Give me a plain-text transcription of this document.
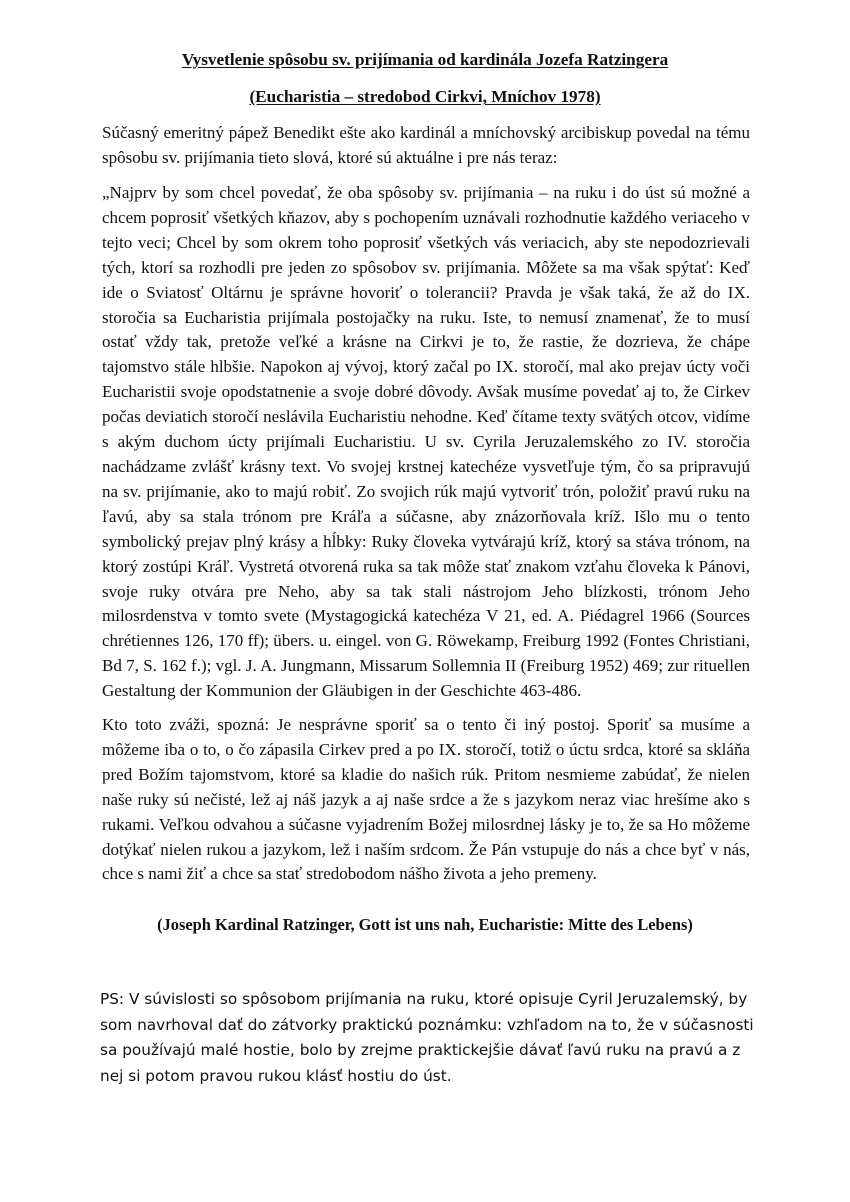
Vysvetlenie spôsobu sv. prijímania od kardinála Jozefa Ratzingera
(Eucharistia – stredobod Cirkvi, Mníchov 1978)

Súčasný emeritný pápež Benedikt ešte ako kardinál a mníchovský arcibiskup povedal na tému spôsobu sv. prijímania tieto slová, ktoré sú aktuálne i pre nás teraz:

„Najprv by som chcel povedať, že oba spôsoby sv. prijímania – na ruku i do úst sú možné a chcem poprosiť všetkých kňazov, aby s pochopením uznávali rozhodnutie každého veriaceho v tejto veci; Chcel by som okrem toho poprosiť všetkých vás veriacich, aby ste nepodozrievali tých, ktorí sa rozhodli pre jeden zo spôsobov sv. prijímania. Môžete sa ma však spýtať: Keď ide o Sviatosť Oltárnu je správne hovoriť o tolerancii? Pravda je však taká, že až do IX. storočia sa Eucharistia prijímala postojačky na ruku. Iste, to nemusí znamenať, že to musí ostať vždy tak, pretože veľké a krásne na Cirkvi je to, že rastie, že dozrieva, že chápe tajomstvo stále hlbšie. Napokon aj vývoj, ktorý začal po IX. storočí, mal ako prejav úcty voči Eucharistii svoje opodstatnenie a svoje dobré dôvody. Avšak musíme povedať aj to, že Cirkev počas deviatich storočí neslávila Eucharistiu nehodne. Keď čítame texty svätých otcov, vidíme s akým duchom úcty prijímali Eucharistiu. U sv. Cyrila Jeruzalemského zo IV. storočia nachádzame zvlášť krásny text. Vo svojej krstnej katechéze vysvetľuje tým, čo sa pripravujú na sv. prijímanie, ako to majú robiť. Zo svojich rúk majú vytvoriť trón, položiť pravú ruku na ľavú, aby sa stala trónom pre Kráľa a súčasne, aby znázorňovala kríž. Išlo mu o tento symbolický prejav plný krásy a hĺbky: Ruky človeka vytvárajú kríž, ktorý sa stáva trónom, na ktorý zostúpi Kráľ. Vystretá otvorená ruka sa tak môže stať znakom vzťahu človeka k Pánovi, svoje ruky otvára pre Neho, aby sa tak stali nástrojom Jeho blízkosti, trónom Jeho milosrdenstva v tomto svete (Mystagogická katechéza V 21, ed. A. Piédagrel 1966 (Sources chrétiennes 126, 170 ff); übers. u. eingel. von G. Röwekamp, Freiburg 1992 (Fontes Christiani, Bd 7, S. 162 f.); vgl. J. A. Jungmann, Missarum Sollemnia II (Freiburg 1952) 469; zur rituellen Gestaltung der Kommunion der Gläubigen in der Geschichte 463-486.

Kto toto zváži, spozná: Je nesprávne sporiť sa o tento či iný postoj. Sporiť sa musíme a môžeme iba o to, o čo zápasila Cirkev pred a po IX. storočí, totiž o úctu srdca, ktoré sa skláňa pred Božím tajomstvom, ktoré sa kladie do našich rúk. Pritom nesmieme zabúdať, že nielen naše ruky sú nečisté, lež aj náš jazyk a aj naše srdce a že s jazykom neraz viac hrešíme ako s rukami. Veľkou odvahou a súčasne vyjadrením Božej milosrdnej lásky je to, že sa Ho môžeme dotýkať nielen rukou a jazykom, lež i naším srdcom. Že Pán vstupuje do nás a chce byť v nás, chce s nami žiť a chce sa stať stredobodom nášho života a jeho premeny.

(Joseph Kardinal Ratzinger, Gott ist uns nah, Eucharistie: Mitte des Lebens)

PS: V súvislosti so spôsobom prijímania na ruku, ktoré opisuje Cyril Jeruzalemský, by som navrhoval dať do zátvorky praktickú poznámku: vzhľadom na to, že v súčasnosti sa používajú malé hostie, bolo by zrejme praktickejšie dávať ľavú ruku na pravú a z nej si potom pravou rukou klásť hostiu do úst.
